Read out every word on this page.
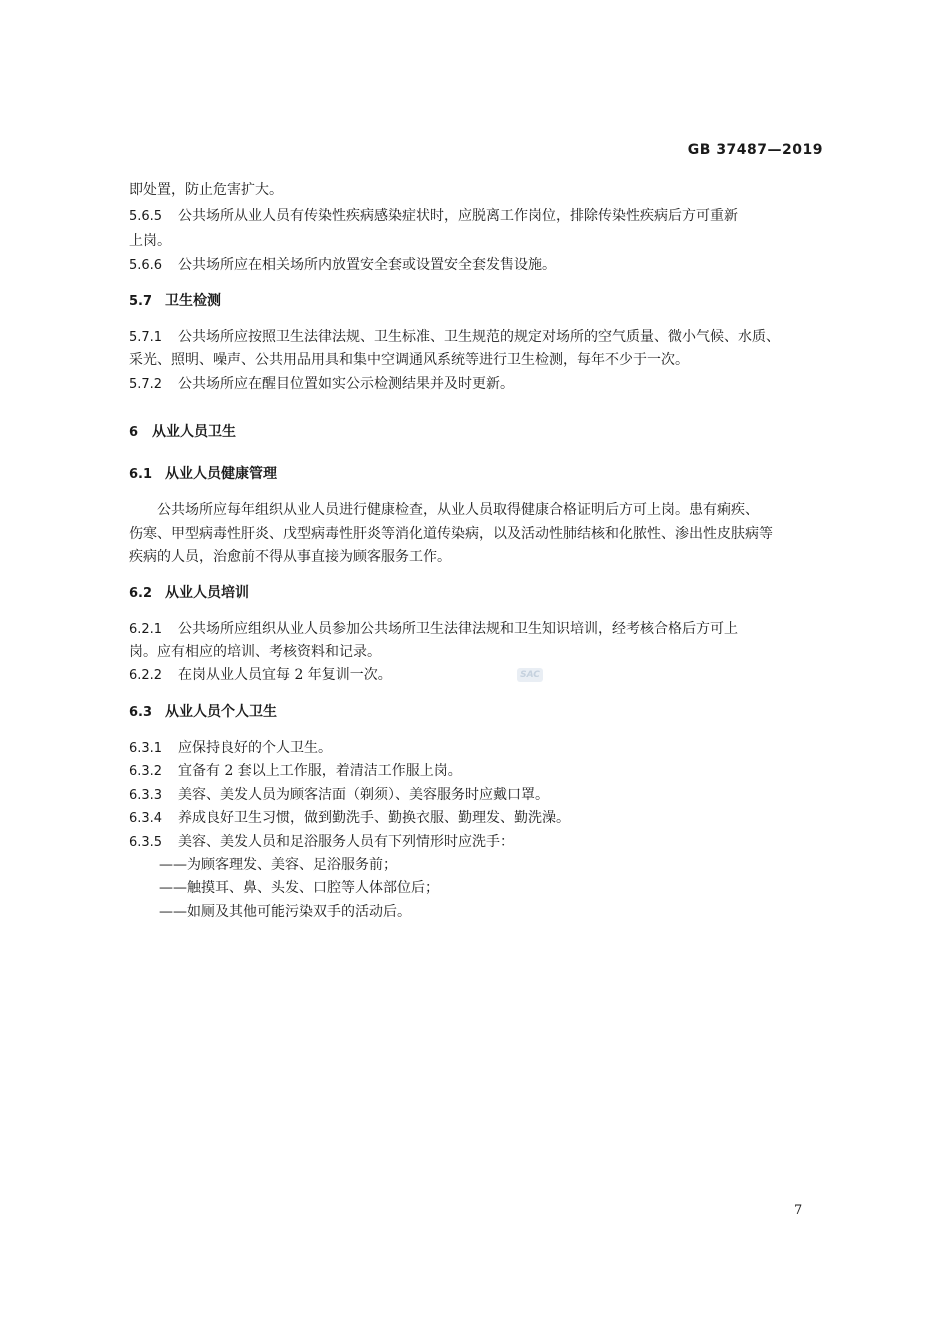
GB 37487—2019
即处置，防止危害扩大。
5.6.5 公共场所从业人员有传染性疾病感染症状时，应脱离工作岗位，排除传染性疾病后方可重新
上岗。
5.6.6 公共场所应在相关场所内放置安全套或设置安全套发售设施。
5.7 卫生检测
5.7.1 公共场所应按照卫生法律法规、卫生标准、卫生规范的规定对场所的空气质量、微小气候、水质、
采光、照明、噪声、公共用品用具和集中空调通风系统等进行卫生检测，每年不少于一次。
5.7.2 公共场所应在醒目位置如实公示检测结果并及时更新。
6 从业人员卫生
6.1 从业人员健康管理
公共场所应每年组织从业人员进行健康检查，从业人员取得健康合格证明后方可上岗。患有痢疾、
伤寒、甲型病毒性肝炎、戊型病毒性肝炎等消化道传染病，以及活动性肺结核和化脓性、渗出性皮肤病等
疾病的人员，治愈前不得从事直接为顾客服务工作。
6.2 从业人员培训
6.2.1 公共场所应组织从业人员参加公共场所卫生法律法规和卫生知识培训，经考核合格后方可上
岗。应有相应的培训、考核资料和记录。
6.2.2 在岗从业人员宜每 2 年复训一次。
6.3 从业人员个人卫生
6.3.1 应保持良好的个人卫生。
6.3.2 宜备有 2 套以上工作服，着清洁工作服上岗。
6.3.3 美容、美发人员为顾客洁面（剃须）、美容服务时应戴口罩。
6.3.4 养成良好卫生习惯，做到勤洗手、勤换衣服、勤理发、勤洗澡。
6.3.5 美容、美发人员和足浴服务人员有下列情形时应洗手：
——为顾客理发、美容、足浴服务前；
——触摸耳、鼻、头发、口腔等人体部位后；
——如厕及其他可能污染双手的活动后。
SAC
7
